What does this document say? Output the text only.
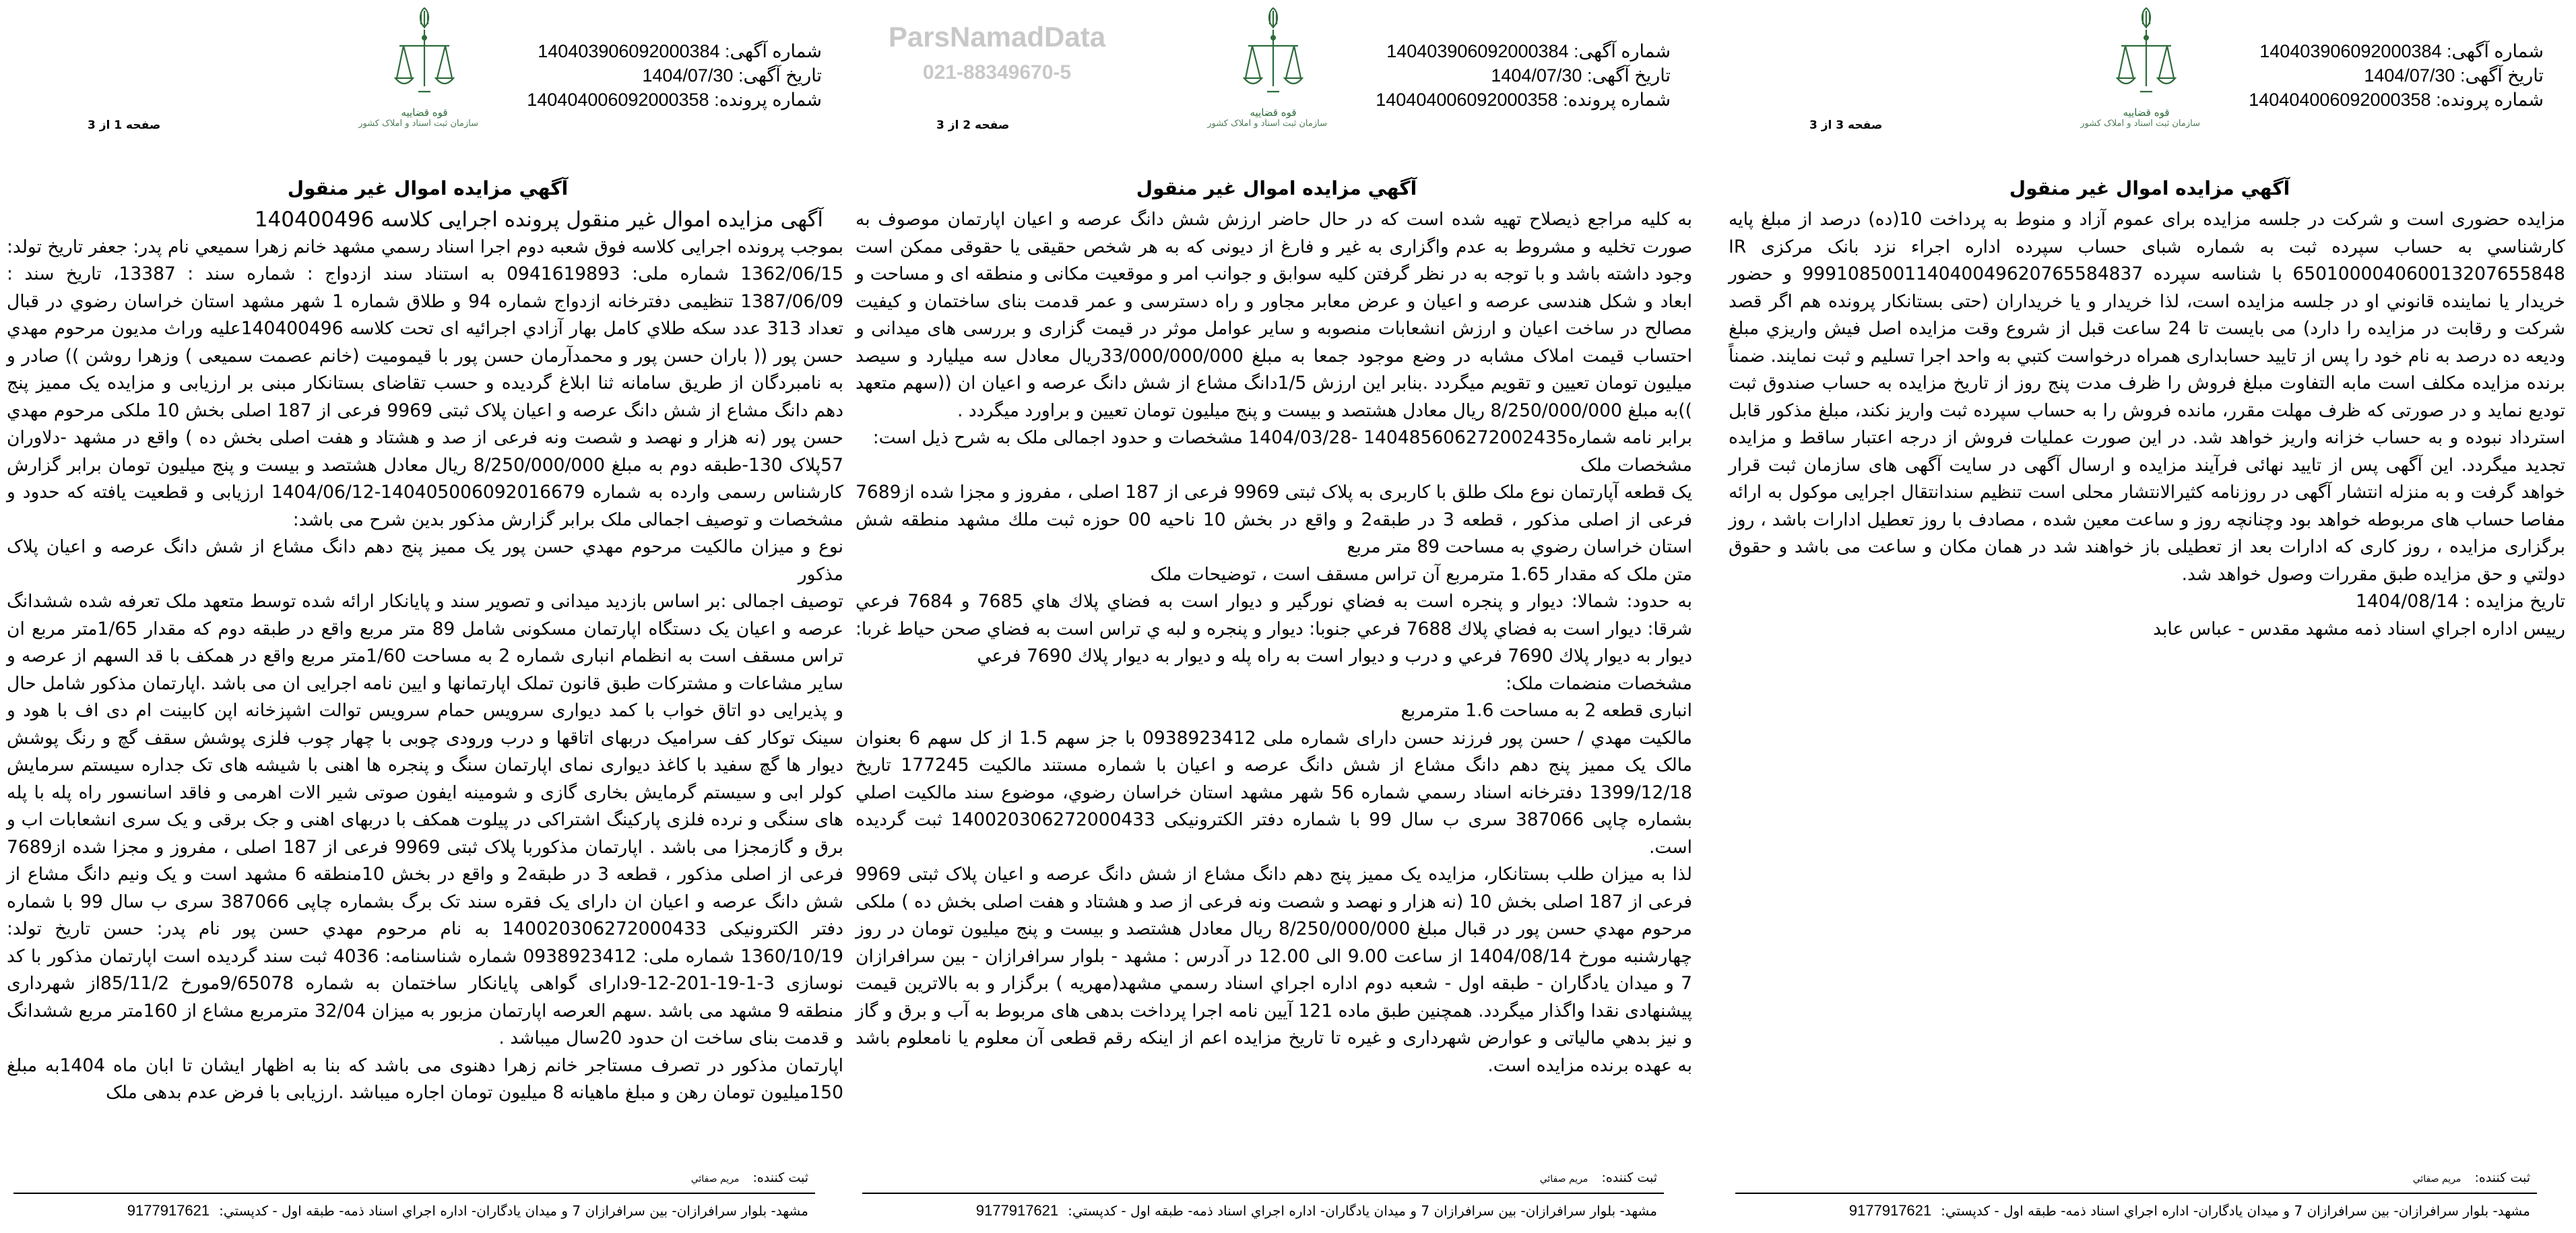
قوه قضاییه
سازمان ثبت اسناد و املاک کشور
شماره آگهی: 140403906092000384
تاریخ آگهی: 1404/07/30
شماره پرونده: 140404006092000358
صفحه 1 از 3
آگهي مزایده اموال غیر منقول

آگهی مزایده اموال غیر منقول پرونده اجرایی کلاسه 140400496

بموجب پرونده اجرایی کلاسه فوق شعبه دوم اجرا اسناد رسمي مشهد خانم زهرا سميعي نام پدر: جعفر تاريخ تولد: 1362/06/15 شماره ملی: 0941619893 به استناد سند ازدواج : شماره سند : 13387، تاريخ سند : 1387/06/09 تنظیمی دفترخانه ازدواج شماره 94 و طلاق شماره 1 شهر مشهد استان خراسان رضوي در قبال تعداد 313 عدد سکه طلاي کامل بهار آزادي اجرائیه ای تحت کلاسه 140400496علیه وراث مدیون مرحوم مهدي حسن پور (( باران حسن پور و محمدآرمان حسن پور با قیمومیت (خانم عصمت سمیعی ) وزهرا روشن )) صادر و به نامبردگان از طریق سامانه ثنا ابلاغ گردیده و حسب تقاضای بستانکار مبنی بر ارزیابی و مزایده یک ممیز پنج دهم دانگ مشاع از شش دانگ عرصه و اعیان پلاک ثبتی 9969 فرعی از 187 اصلی بخش 10 ملکی مرحوم مهدي حسن پور (نه هزار و نهصد و شصت ونه فرعی از صد و هشتاد و هفت اصلی بخش ده ) واقع در مشهد -دلاوران 57پلاک 130-طبقه دوم به مبلغ 8/250/000/000 ریال معادل هشتصد و بیست و پنج میلیون تومان برابر گزارش کارشناس رسمی وارده به شماره 140405006092016679-1404/06/12 ارزیابی و قطعیت یافته که حدود و مشخصات و توصیف اجمالی ملک برابر گزارش مذکور بدین شرح می باشد:

نوع و میزان مالکیت مرحوم مهدي حسن پور یک ممیز پنج دهم دانگ مشاع از شش دانگ عرصه و اعیان پلاک مذکور

توصیف اجمالی :بر اساس بازدید میدانی و تصویر سند و پایانکار ارائه شده توسط متعهد ملک تعرفه شده ششدانگ عرصه و اعیان یک دستگاه اپارتمان مسکونی شامل 89 متر مربع واقع در طبقه دوم که مقدار 1/65متر مربع ان تراس مسقف است به انظمام انباری شماره 2 به مساحت 1/60متر مربع واقع در همکف با قد السهم از عرصه و سایر مشاعات و مشترکات طبق قانون تملک اپارتمانها و ایین نامه اجرایی ان می باشد .اپارتمان مذکور شامل حال و پذیرایی دو اتاق خواب با کمد دیواری سرویس حمام سرویس توالت اشپزخانه اپن کابینت ام دی اف با هود و سینک توکار کف سرامیک دربهای اتاقها و درب ورودی چوبی با چهار چوب فلزی پوشش سقف گچ و رنگ پوشش دیوار ها گچ سفید با کاغذ دیواری نمای اپارتمان سنگ و پنجره ها اهنی با شیشه های تک جداره سیستم سرمایش کولر ابی و سیستم گرمایش بخاری گازی و شومینه ایفون صوتی شیر الات اهرمی و فاقد اسانسور راه پله با پله های سنگی و نرده فلزی پارکینگ اشتراکی در پیلوت همکف با دربهای اهنی و جک برقی و یک سری انشعابات اب و برق و گازمجزا می باشد . اپارتمان مذکوربا پلاک ثبتی 9969 فرعی از 187 اصلی ، مفروز و مجزا شده از7689 فرعی از اصلی مذکور ، قطعه 3 در طبقه2 و واقع در بخش 10منطقه 6 مشهد است و یک ونیم دانگ مشاع از شش دانگ عرصه و اعیان ان دارای یک فقره سند تک برگ بشماره چاپی 387066 سری ب سال 99 با شماره دفتر الکترونیکی 140020306272000433 به نام مرحوم مهدي حسن پور نام پدر: حسن تاریخ تولد: 1360/10/19 شماره ملی: 0938923412 شماره شناسنامه: 4036 ثبت سند گردیده است اپارتمان مذکور با کد نوسازی 3-1-19-201-12-9دارای گواهی پایانکار ساختمان به شماره 9/65078مورخ 85/11/2از شهرداری منطقه 9 مشهد می باشد .سهم العرصه اپارتمان مزبور به میزان 32/04 مترمربع مشاع از 160متر مربع ششدانگ و قدمت بنای ساخت ان حدود 20سال میباشد .

اپارتمان مذکور در تصرف مستاجر خانم زهرا دهنوی می باشد که بنا به اظهار ایشان تا ابان ماه 1404به مبلغ 150میلیون تومان رهن و مبلغ ماهیانه 8 میلیون تومان اجاره میباشد .ارزیابی با فرض عدم بدهی ملک

ثبت کننده:مریم صفائي
مشهد- بلوار سرافرازان- بین سرافرازان 7 و میدان یادگاران- اداره اجراي اسناد ذمه- طبقه اول - کدپستي:9177917621
قوه قضاییه
سازمان ثبت اسناد و املاک کشور
شماره آگهی: 140403906092000384
تاریخ آگهی: 1404/07/30
شماره پرونده: 140404006092000358
صفحه 2 از 3
آگهي مزایده اموال غیر منقول

به کلیه مراجع ذیصلاح تهیه شده است که در حال حاضر ارزش شش دانگ عرصه و اعیان اپارتمان موصوف به صورت تخلیه و مشروط به عدم واگزاری به غیر و فارغ از دیونی که به هر شخص حقیقی یا حقوقی ممکن است وجود داشته باشد و با توجه به در نظر گرفتن کلیه سوابق و جوانب امر و موقعیت مکانی و منطقه ای و مساحت و ابعاد و شکل هندسی عرصه و اعیان و عرض معابر مجاور و راه دسترسی و عمر قدمت بنای ساختمان و کیفیت مصالح در ساخت اعیان و ارزش انشعابات منصوبه و سایر عوامل موثر در قیمت گزاری و بررسی های میدانی و احتساب قیمت املاک مشابه در وضع موجود جمعا به مبلغ 33/000/000/000ریال معادل سه میلیارد و سیصد میلیون تومان تعیین و تقویم میگردد .بنابر این ارزش 1/5دانگ مشاع از شش دانگ عرصه و اعیان ان ((سهم متعهد ))به مبلغ 8/250/000/000 ریال معادل هشتصد و بیست و پنج میلیون تومان تعیین و براورد میگردد .

برابر نامه شماره140485606272002435 -1404/03/28 مشخصات و حدود اجمالی ملک به شرح ذیل است:

مشخصات ملک

یک قطعه آپارتمان نوع ملک طلق با کاربری به پلاک ثبتی 9969 فرعی از 187 اصلی ، مفروز و مجزا شده از7689 فرعی از اصلی مذکور ، قطعه 3 در طبقه2 و واقع در بخش 10 ناحیه 00 حوزه ثبت ملك مشهد منطقه شش استان خراسان رضوي به مساحت 89 متر مربع

متن ملک که مقدار 1.65 مترمربع آن تراس مسقف است ، توضیحات ملک

به حدود: شمالا: دیوار و پنجره است به فضاي نورگیر و دیوار است به فضاي پلاك هاي 7685 و 7684 فرعي شرقا: ديوار است به فضاي پلاك 7688 فرعي جنوبا: ديوار و پنجره و لبه ي تراس است به فضاي صحن حياط غربا: ديوار به ديوار پلاك 7690 فرعي و درب و ديوار است به راه پله و ديوار به ديوار پلاك 7690 فرعي

مشخصات منضمات ملک:

انباری قطعه 2 به مساحت 1.6 مترمربع

مالکیت مهدي / حسن پور فرزند حسن دارای شماره ملی 0938923412 با جز سهم 1.5 از کل سهم 6 بعنوان مالک یک ممیز پنج دهم دانگ مشاع از شش دانگ عرصه و اعیان با شماره مستند مالکیت 177245 تاریخ 1399/12/18 دفترخانه اسناد رسمي شماره 56 شهر مشهد استان خراسان رضوي، موضوع سند مالکیت اصلي بشماره چاپی 387066 سری ب سال 99 با شماره دفتر الکترونیکی 140020306272000433 ثبت گردیده است.

لذا به میزان طلب بستانکار، مزایده یک ممیز پنج دهم دانگ مشاع از شش دانگ عرصه و اعیان پلاک ثبتی 9969 فرعی از 187 اصلی بخش 10 (نه هزار و نهصد و شصت ونه فرعی از صد و هشتاد و هفت اصلی بخش ده ) ملکی مرحوم مهدي حسن پور در قبال مبلغ 8/250/000/000 ریال معادل هشتصد و بیست و پنج میلیون تومان در روز چهارشنبه مورخ 1404/08/14 از ساعت 9.00 الی 12.00 در آدرس : مشهد - بلوار سرافرازان - بین سرافرازان 7 و میدان یادگاران - طبقه اول - شعبه دوم اداره اجراي اسناد رسمي مشهد(مهریه ) برگزار و به بالاترین قیمت پیشنهادی نقدا واگذار میگردد. همچنین طبق ماده 121 آیین نامه اجرا پرداخت بدهی های مربوط به آب و برق و گاز و نیز بدهي مالیاتی و عوارض شهرداری و غیره تا تاریخ مزایده اعم از اینکه رقم قطعی آن معلوم یا نامعلوم باشد به عهده برنده مزایده است.

ثبت کننده:مریم صفائي
مشهد- بلوار سرافرازان- بین سرافرازان 7 و میدان یادگاران- اداره اجراي اسناد ذمه- طبقه اول - کدپستي:9177917621
ParsNamadData
021-88349670-5
قوه قضاییه
سازمان ثبت اسناد و املاک کشور
شماره آگهی: 140403906092000384
تاریخ آگهی: 1404/07/30
شماره پرونده: 140404006092000358
صفحه 3 از 3
آگهي مزایده اموال غیر منقول

مزایده حضوری است و شرکت در جلسه مزایده برای عموم آزاد و منوط به پرداخت 10(ده) درصد از مبلغ پایه کارشناسي به حساب سپرده ثبت به شماره شبای حساب سپرده اداره اجراء نزد بانک مرکزی IR 650100004060013207655848 با شناسه سپرده 999108500114040049620765584837 و حضور خریدار یا نماینده قانوني او در جلسه مزایده است، لذا خریدار و یا خریداران (حتی بستانکار پرونده هم اگر قصد شرکت و رقابت در مزایده را دارد) می بایست تا 24 ساعت قبل از شروع وقت مزایده اصل فیش واریزي مبلغ ودیعه ده درصد به نام خود را پس از تایید حسابداری همراه درخواست کتبي به واحد اجرا تسلیم و ثبت نمایند. ضمناً برنده مزایده مکلف است مابه التفاوت مبلغ فروش را ظرف مدت پنج روز از تاریخ مزایده به حساب صندوق ثبت تودیع نماید و در صورتی که ظرف مهلت مقرر، مانده فروش را به حساب سپرده ثبت واریز نکند، مبلغ مذکور قابل استرداد نبوده و به حساب خزانه واریز خواهد شد. در این صورت عملیات فروش از درجه اعتبار ساقط و مزایده تجدید میگردد. این آگهی پس از تایید نهائی فرآیند مزایده و ارسال آگهی در سایت آگهی های سازمان ثبت قرار خواهد گرفت و به منزله انتشار آگهی در روزنامه کثیرالانتشار محلی است تنظیم سندانتقال اجرایی موکول به ارائه مفاصا حساب های مربوطه خواهد بود وچنانچه روز و ساعت معین شده ، مصادف با روز تعطیل ادارات باشد ، روز برگزاری مزایده ، روز کاری که ادارات بعد از تعطیلی باز خواهند شد در همان مکان و ساعت می باشد و حقوق دولتي و حق مزایده طبق مقررات وصول خواهد شد.

تاریخ مزایده : 1404/08/14

رییس اداره اجراي اسناد ذمه مشهد مقدس - عباس عابد

ثبت کننده:مریم صفائي
مشهد- بلوار سرافرازان- بین سرافرازان 7 و میدان یادگاران- اداره اجراي اسناد ذمه- طبقه اول - کدپستي:9177917621
